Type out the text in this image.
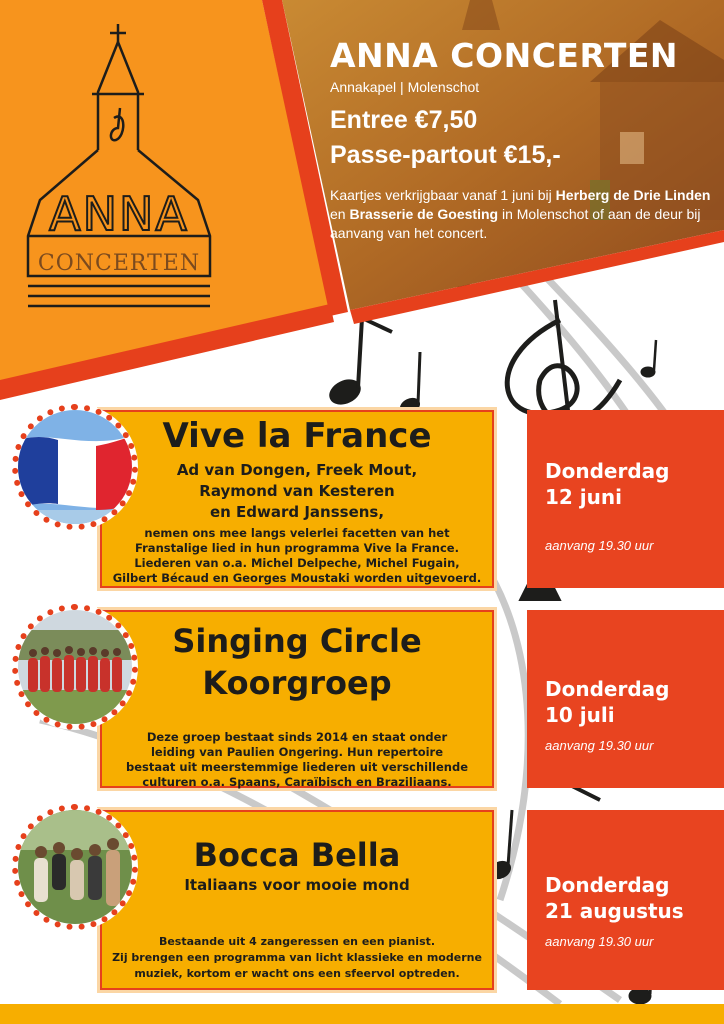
ANNA
CONCERTEN
ANNA CONCERTEN
Annakapel | Molenschot
Entree €7,50
Passe-partout €15,-
Kaartjes verkrijgbaar vanaf 1 juni bij Herberg de Drie Linden en Brasserie de Goesting in Molenschot of aan de deur bij aanvang van het concert.
Vive la France
Ad van Dongen, Freek Mout,
Raymond van Kesteren
en Edward Janssens,
nemen ons mee langs velerlei facetten van het
Franstalige lied in hun programma Vive la France.
Liederen van o.a. Michel Delpeche, Michel Fugain,
Gilbert Bécaud en Georges Moustaki worden uitgevoerd.
Donderdag
12 juni
aanvang 19.30 uur
Singing Circle
Koorgroep
Deze groep bestaat sinds 2014 en staat onder
leiding van Paulien Ongering. Hun repertoire
bestaat uit meerstemmige liederen uit verschillende
culturen o.a. Spaans, Caraïbisch en Braziliaans.
Donderdag
10 juli
aanvang 19.30 uur
Bocca Bella
Italiaans voor mooie mond
Bestaande uit 4 zangeressen en een pianist.
Zij brengen een programma van licht klassieke en moderne
muziek, kortom er wacht ons een sfeervol optreden.
Donderdag
21 augustus
aanvang 19.30 uur
